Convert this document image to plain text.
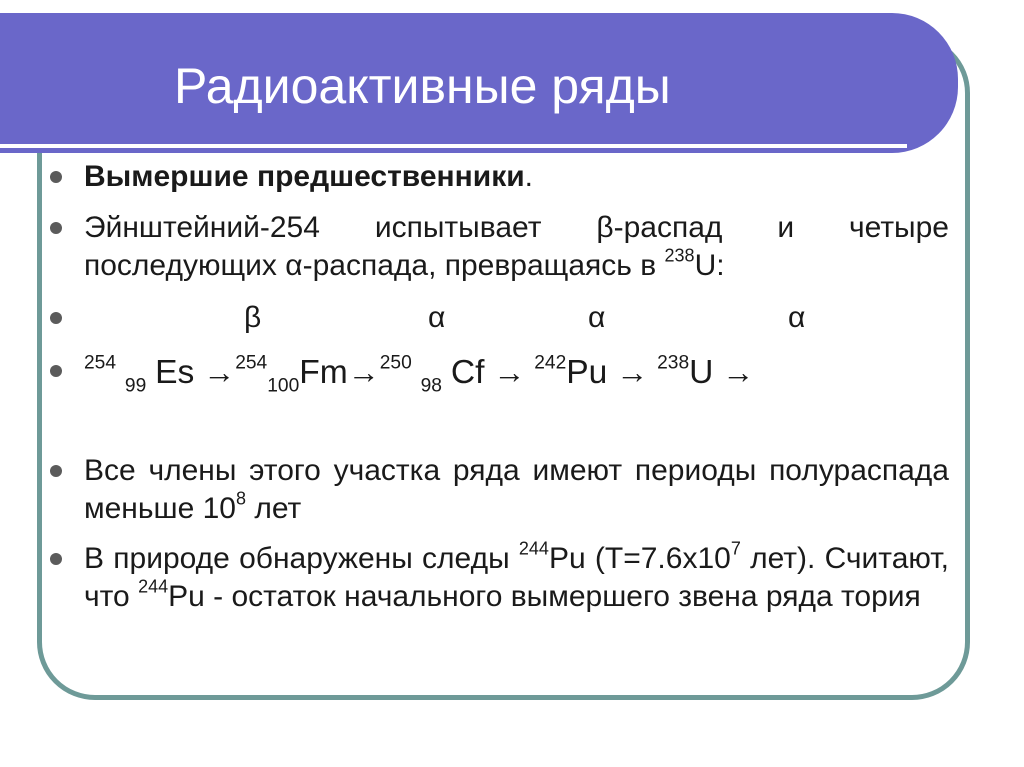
Радиоактивные ряды
Вымершие предшественники.
Эйнштейний-254 испытывает β-распад и четыре последующих α-распада, превращаясь в $^{238}$U:
β	α	α	α
$^{254}$ $_{99}$ Es →$^{254}_{100}$Fm→$^{250}$ $_{98}$ Cf → $^{242}$Pu → $^{238}$U →
Все члены этого участка ряда имеют периоды полураспада меньше $10^8$ лет
В природе обнаружены следы $^{244}$Pu ($T=7.6x10^7$ лет). Считают, что $^{244}$Pu - остаток начального вымершего звена ряда тория
